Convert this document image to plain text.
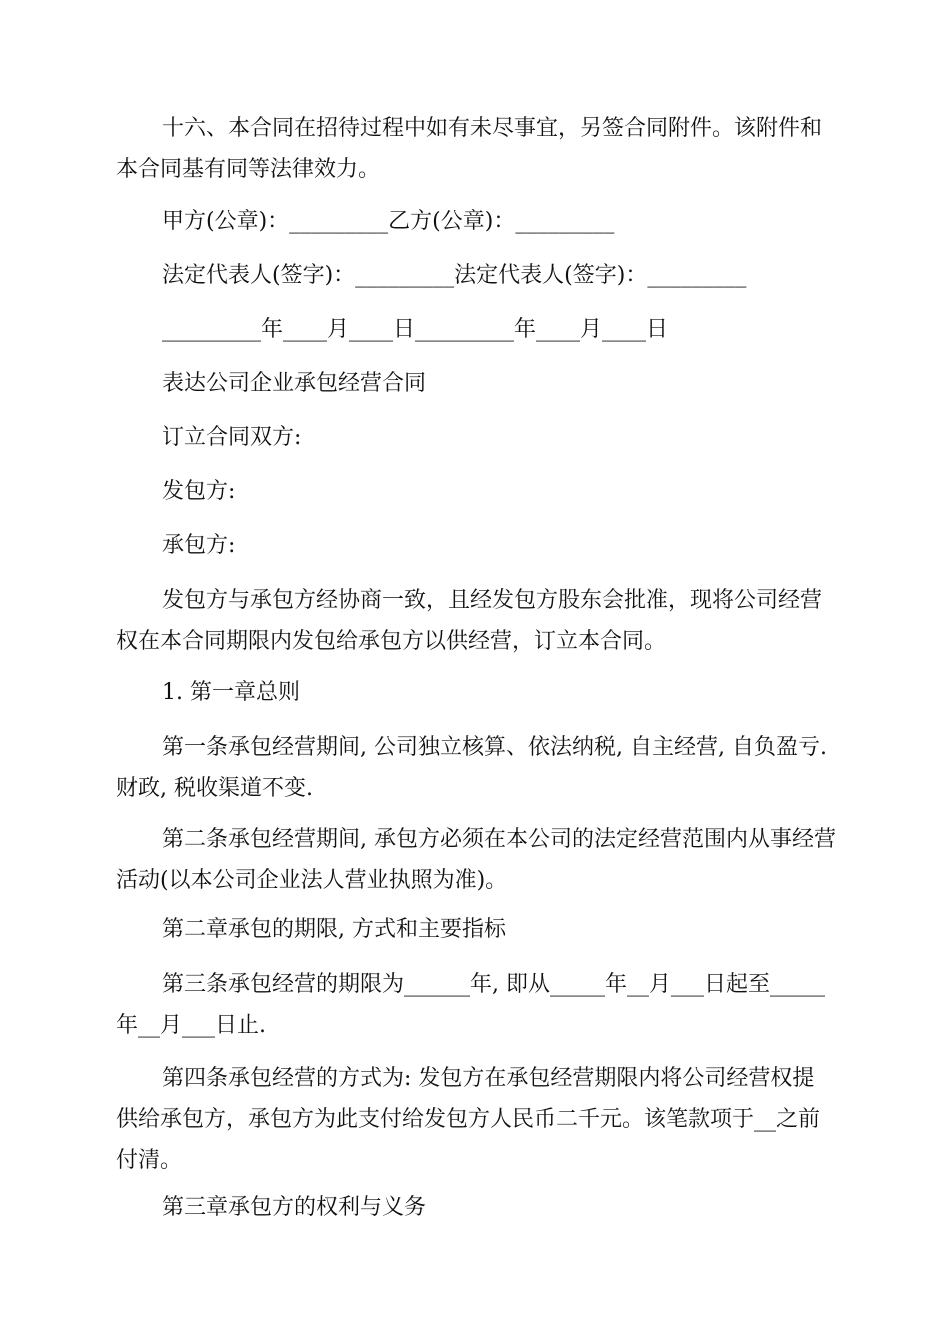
十六、本合同在招待过程中如有未尽事宜，另签合同附件。该附件和本合同基有同等法律效力。

甲方(公章)：_________乙方(公章)：_________

法定代表人(签字)：_________法定代表人(签字)：_________

_________年____月____日_________年____月____日

表达公司企业承包经营合同

订立合同双方:

发包方:

承包方:

发包方与承包方经协商一致，且经发包方股东会批准，现将公司经营权在本合同期限内发包给承包方以供经营，订立本合同。

1. 第一章总则

第一条承包经营期间, 公司独立核算、依法纳税, 自主经营, 自负盈亏. 财政, 税收渠道不变.

第二条承包经营期间, 承包方必须在本公司的法定经营范围内从事经营活动(以本公司企业法人营业执照为准)。

第二章承包的期限, 方式和主要指标

第三条承包经营的期限为______年, 即从_____年__月___日起至_____年__月___日止.

第四条承包经营的方式为: 发包方在承包经营期限内将公司经营权提供给承包方，承包方为此支付给发包方人民币二千元。该笔款项于__之前付清。

第三章承包方的权利与义务
